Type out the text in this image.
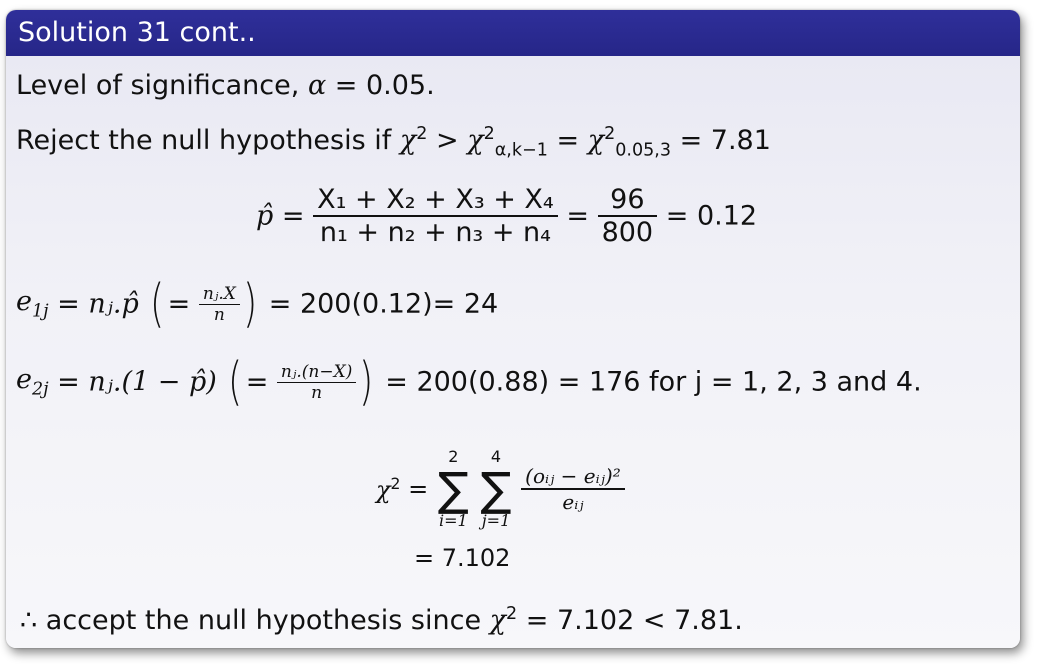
Solution 31 cont..
Level of significance, α = 0.05.
Reject the null hypothesis if $\chi^2 > \chi^2_{\alpha,k-1} = \chi^2_{0.05,3} = 7.81$
p̂ = $\frac{\text{X₁ + X₂ + X₃ + X₄}}{\text{n₁ + n₂ + n₃ + n₄}} = \frac{96}{800} = 0.12$
$e_{1j}$ = nⱼ.p̂ ( = $\frac{\text{nⱼ.X}}{n}$ ) = 200(0.12)= 24
$e_{2j}$ = nⱼ.(1 − p̂) ( = $\frac{\text{nⱼ.(n−X)}}{n}$ ) = 200(0.88) = 176 for j = 1, 2, 3 and 4.
$\chi^2$ =
2
∑
i=1

4
∑
j=1

$\frac{\text{(oᵢⱼ − eᵢⱼ)²}}{\text{eᵢⱼ}}$
= 7.102
∴ accept the null hypothesis since $\chi^2 = 7.102 < 7.81$.
